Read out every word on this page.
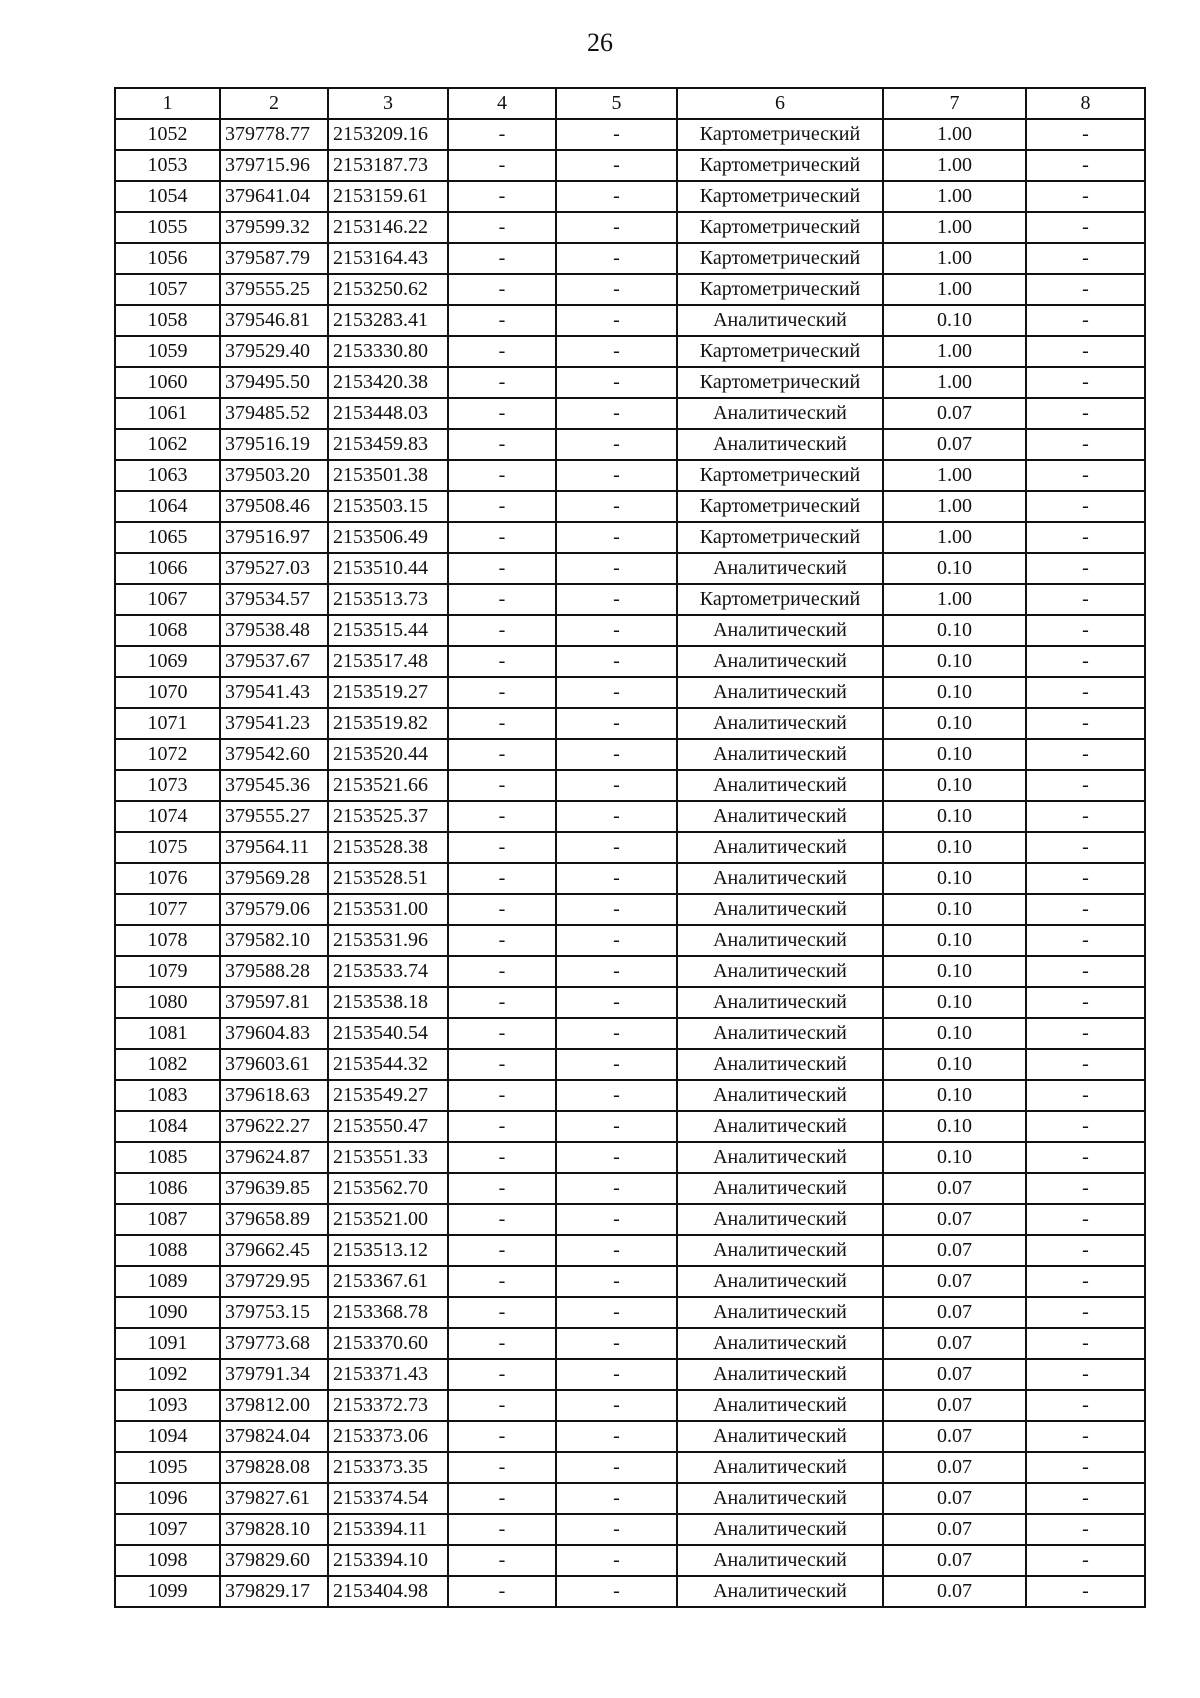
26
1	2	3	4	5	6	7	8
1052	379778.77	2153209.16	-	-	Картометрический	1.00	-
1053	379715.96	2153187.73	-	-	Картометрический	1.00	-
1054	379641.04	2153159.61	-	-	Картометрический	1.00	-
1055	379599.32	2153146.22	-	-	Картометрический	1.00	-
1056	379587.79	2153164.43	-	-	Картометрический	1.00	-
1057	379555.25	2153250.62	-	-	Картометрический	1.00	-
1058	379546.81	2153283.41	-	-	Аналитический	0.10	-
1059	379529.40	2153330.80	-	-	Картометрический	1.00	-
1060	379495.50	2153420.38	-	-	Картометрический	1.00	-
1061	379485.52	2153448.03	-	-	Аналитический	0.07	-
1062	379516.19	2153459.83	-	-	Аналитический	0.07	-
1063	379503.20	2153501.38	-	-	Картометрический	1.00	-
1064	379508.46	2153503.15	-	-	Картометрический	1.00	-
1065	379516.97	2153506.49	-	-	Картометрический	1.00	-
1066	379527.03	2153510.44	-	-	Аналитический	0.10	-
1067	379534.57	2153513.73	-	-	Картометрический	1.00	-
1068	379538.48	2153515.44	-	-	Аналитический	0.10	-
1069	379537.67	2153517.48	-	-	Аналитический	0.10	-
1070	379541.43	2153519.27	-	-	Аналитический	0.10	-
1071	379541.23	2153519.82	-	-	Аналитический	0.10	-
1072	379542.60	2153520.44	-	-	Аналитический	0.10	-
1073	379545.36	2153521.66	-	-	Аналитический	0.10	-
1074	379555.27	2153525.37	-	-	Аналитический	0.10	-
1075	379564.11	2153528.38	-	-	Аналитический	0.10	-
1076	379569.28	2153528.51	-	-	Аналитический	0.10	-
1077	379579.06	2153531.00	-	-	Аналитический	0.10	-
1078	379582.10	2153531.96	-	-	Аналитический	0.10	-
1079	379588.28	2153533.74	-	-	Аналитический	0.10	-
1080	379597.81	2153538.18	-	-	Аналитический	0.10	-
1081	379604.83	2153540.54	-	-	Аналитический	0.10	-
1082	379603.61	2153544.32	-	-	Аналитический	0.10	-
1083	379618.63	2153549.27	-	-	Аналитический	0.10	-
1084	379622.27	2153550.47	-	-	Аналитический	0.10	-
1085	379624.87	2153551.33	-	-	Аналитический	0.10	-
1086	379639.85	2153562.70	-	-	Аналитический	0.07	-
1087	379658.89	2153521.00	-	-	Аналитический	0.07	-
1088	379662.45	2153513.12	-	-	Аналитический	0.07	-
1089	379729.95	2153367.61	-	-	Аналитический	0.07	-
1090	379753.15	2153368.78	-	-	Аналитический	0.07	-
1091	379773.68	2153370.60	-	-	Аналитический	0.07	-
1092	379791.34	2153371.43	-	-	Аналитический	0.07	-
1093	379812.00	2153372.73	-	-	Аналитический	0.07	-
1094	379824.04	2153373.06	-	-	Аналитический	0.07	-
1095	379828.08	2153373.35	-	-	Аналитический	0.07	-
1096	379827.61	2153374.54	-	-	Аналитический	0.07	-
1097	379828.10	2153394.11	-	-	Аналитический	0.07	-
1098	379829.60	2153394.10	-	-	Аналитический	0.07	-
1099	379829.17	2153404.98	-	-	Аналитический	0.07	-
